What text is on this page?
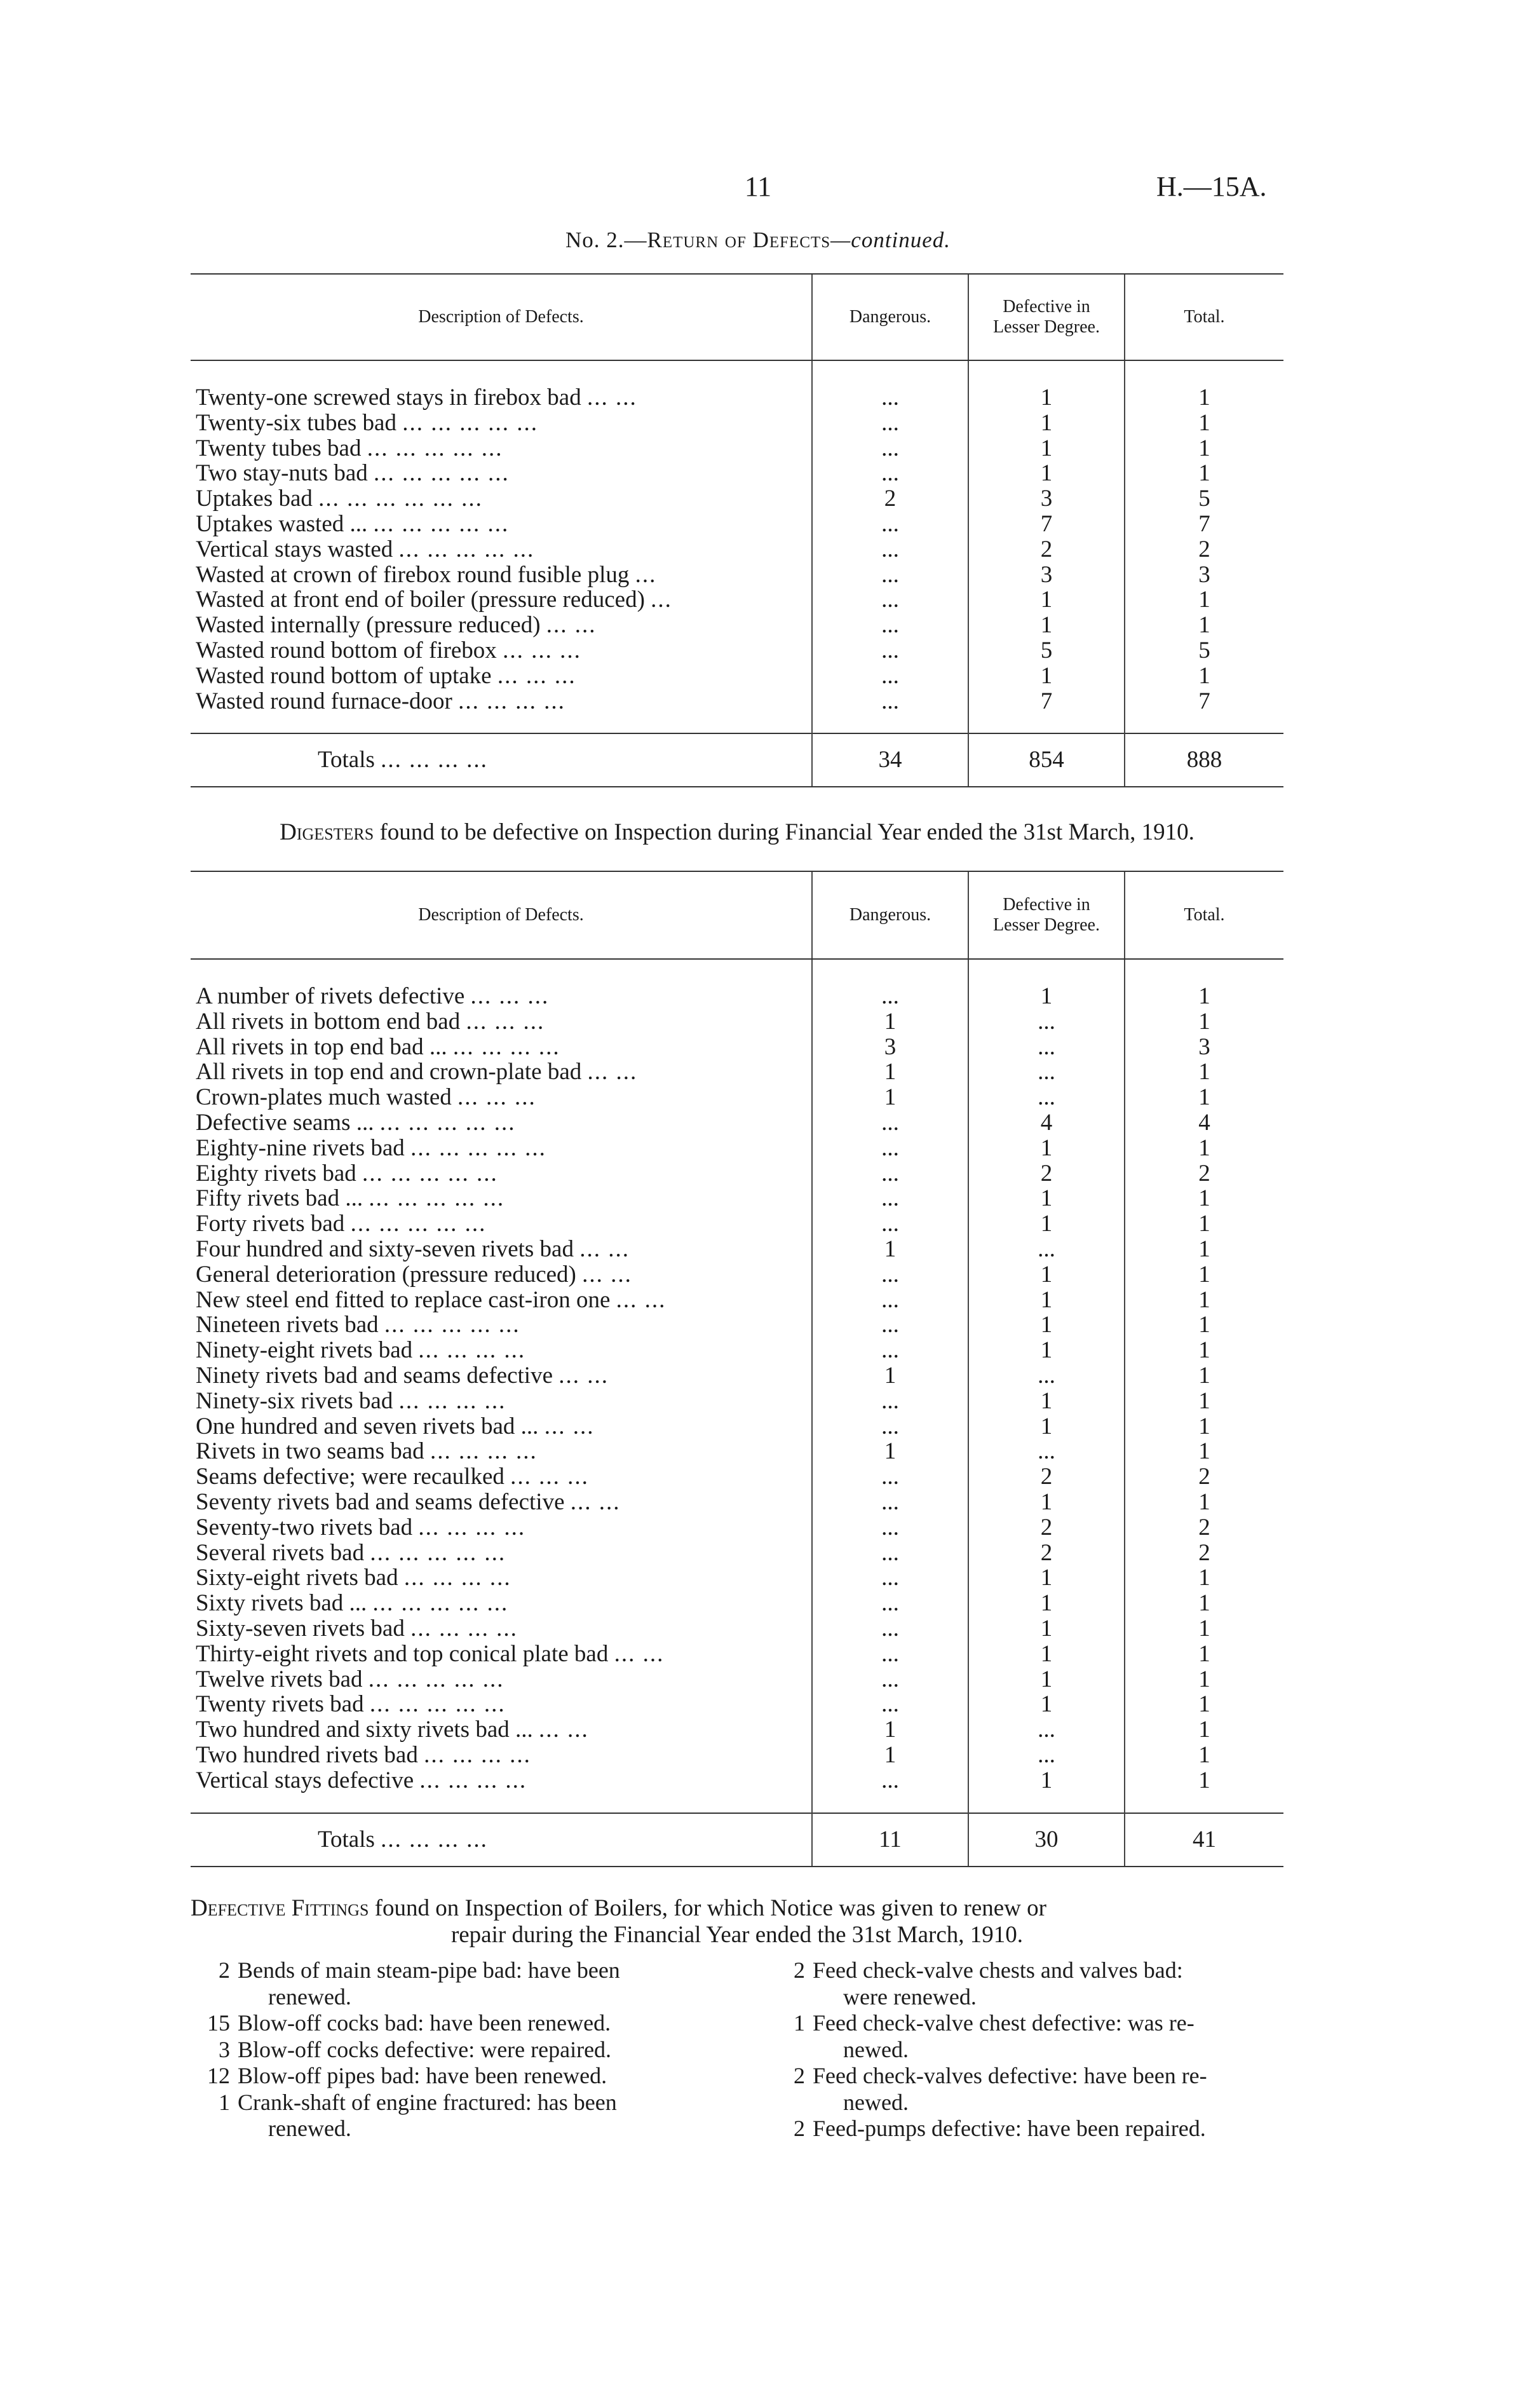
11	H.—15A.
No. 2.—Return of Defects—continued.
Description of Defects.	Dangerous.	Defective in
Lesser Degree.	Total.
Twenty-one screwed stays in firebox bad ... ...	...	1	1
Twenty-six tubes bad ... ... ... ... ...	...	1	1
Twenty tubes bad ... ... ... ... ...	...	1	1
Two stay-nuts bad ... ... ... ... ...	...	1	1
Uptakes bad ... ... ... ... ... ...	2	3	5
Uptakes wasted ... ... ... ... ... ...	...	7	7
Vertical stays wasted ... ... ... ... ...	...	2	2
Wasted at crown of firebox round fusible plug ...	...	3	3
Wasted at front end of boiler (pressure reduced) ...	...	1	1
Wasted internally (pressure reduced) ... ...	...	1	1
Wasted round bottom of firebox ... ... ...	...	5	5
Wasted round bottom of uptake ... ... ...	...	1	1
Wasted round furnace-door ... ... ... ...	...	7	7
Totals ... ... ... ...	34	854	888
Digesters found to be defective on Inspection during Financial Year ended the 31st March, 1910.
Description of Defects.	Dangerous.	Defective in
Lesser Degree.	Total.
A number of rivets defective ... ... ...	...	1	1
All rivets in bottom end bad ... ... ...	1	...	1
All rivets in top end bad ... ... ... ... ...	3	...	3
All rivets in top end and crown-plate bad ... ...	1	...	1
Crown-plates much wasted ... ... ...	1	...	1
Defective seams ... ... ... ... ... ...	...	4	4
Eighty-nine rivets bad ... ... ... ... ...	...	1	1
Eighty rivets bad ... ... ... ... ...	...	2	2
Fifty rivets bad ... ... ... ... ... ...	...	1	1
Forty rivets bad ... ... ... ... ...	...	1	1
Four hundred and sixty-seven rivets bad ... ...	1	...	1
General deterioration (pressure reduced) ... ...	...	1	1
New steel end fitted to replace cast-iron one ... ...	...	1	1
Nineteen rivets bad ... ... ... ... ...	...	1	1
Ninety-eight rivets bad ... ... ... ...	...	1	1
Ninety rivets bad and seams defective ... ...	1	...	1
Ninety-six rivets bad ... ... ... ...	...	1	1
One hundred and seven rivets bad ... ... ...	...	1	1
Rivets in two seams bad ... ... ... ...	1	...	1
Seams defective; were recaulked ... ... ...	...	2	2
Seventy rivets bad and seams defective ... ...	...	1	1
Seventy-two rivets bad ... ... ... ...	...	2	2
Several rivets bad ... ... ... ... ...	...	2	2
Sixty-eight rivets bad ... ... ... ...	...	1	1
Sixty rivets bad ... ... ... ... ... ...	...	1	1
Sixty-seven rivets bad ... ... ... ...	...	1	1
Thirty-eight rivets and top conical plate bad ... ...	...	1	1
Twelve rivets bad ... ... ... ... ...	...	1	1
Twenty rivets bad ... ... ... ... ...	...	1	1
Two hundred and sixty rivets bad ... ... ...	1	...	1
Two hundred rivets bad ... ... ... ...	1	...	1
Vertical stays defective ... ... ... ...	...	1	1
Totals ... ... ... ...	11	30	41
Defective Fittings found on Inspection of Boilers, for which Notice was given to renew or
repair during the Financial Year ended the 31st March, 1910.
2 Bends of main steam-pipe bad: have been
renewed.
15 Blow-off cocks bad: have been renewed.
3 Blow-off cocks defective: were repaired.
12 Blow-off pipes bad: have been renewed.
1 Crank-shaft of engine fractured: has been
renewed.
2 Feed check-valve chests and valves bad:
were renewed.
1 Feed check-valve chest defective: was re-
newed.
2 Feed check-valves defective: have been re-
newed.
2 Feed-pumps defective: have been repaired.
